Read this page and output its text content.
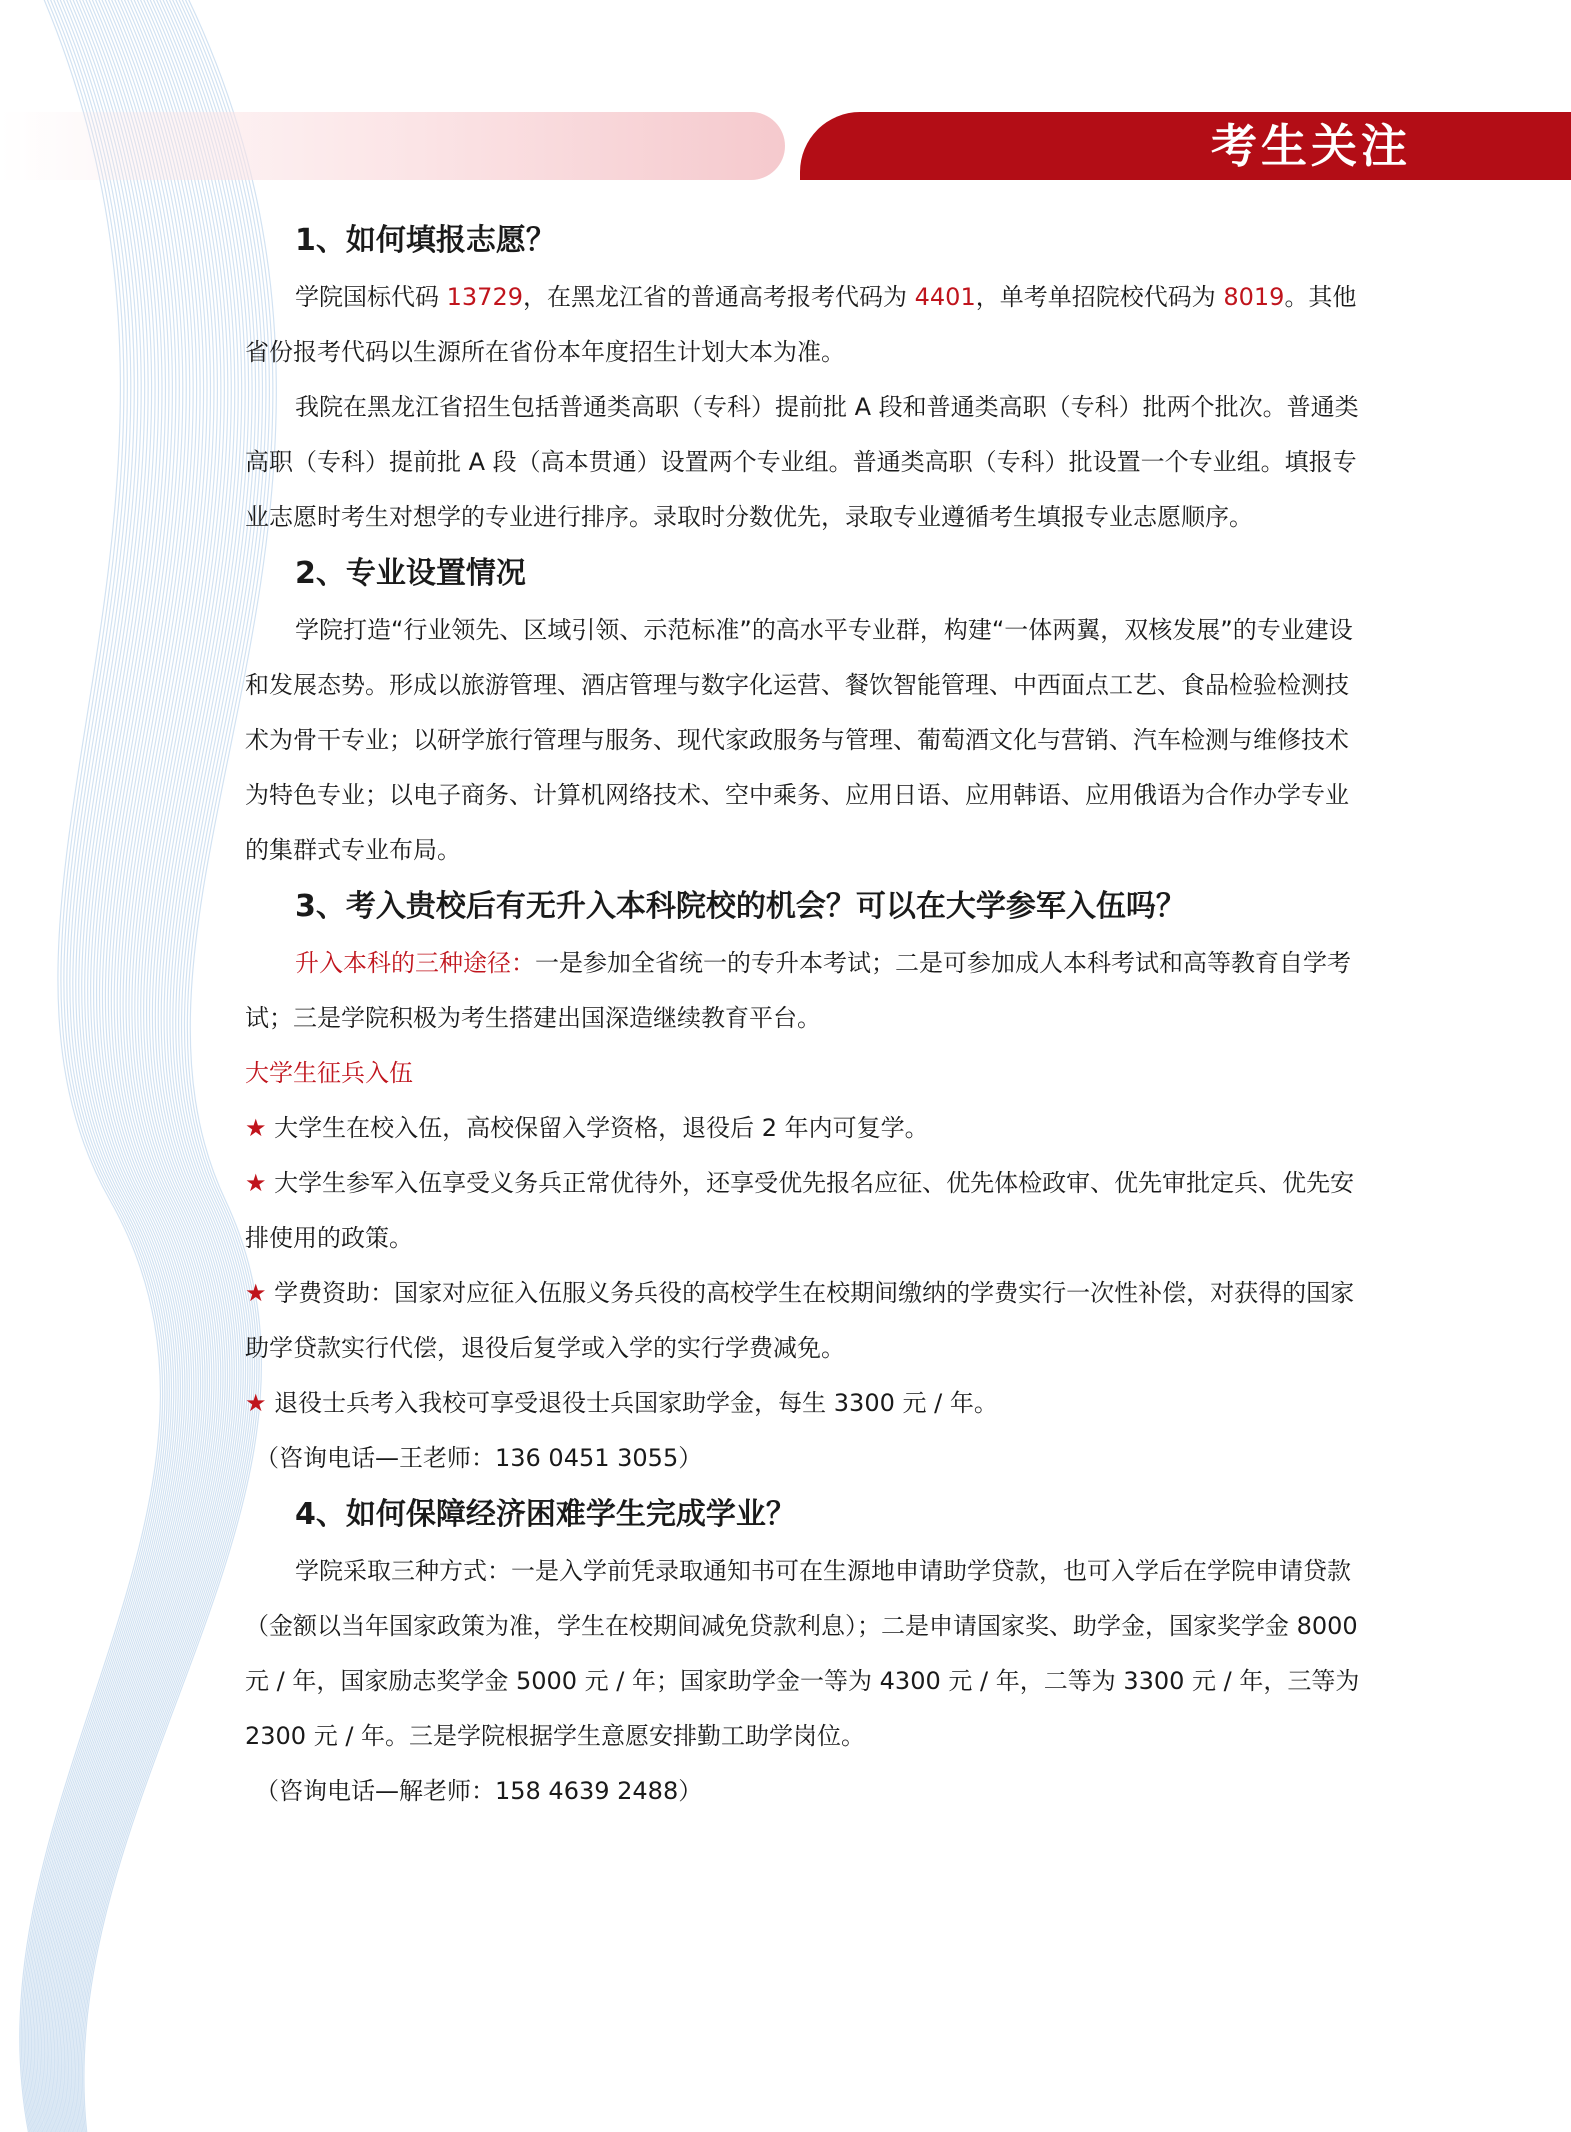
考生关注
1、如何填报志愿？

学院国标代码 13729，在黑龙江省的普通高考报考代码为 4401，单考单招院校代码为 8019。其他省份报考代码以生源所在省份本年度招生计划大本为准。

我院在黑龙江省招生包括普通类高职（专科）提前批 A 段和普通类高职（专科）批两个批次。普通类高职（专科）提前批 A 段（高本贯通）设置两个专业组。普通类高职（专科）批设置一个专业组。填报专业志愿时考生对想学的专业进行排序。录取时分数优先，录取专业遵循考生填报专业志愿顺序。

2、专业设置情况

学院打造“行业领先、区域引领、示范标准”的高水平专业群，构建“一体两翼，双核发展”的专业建设和发展态势。形成以旅游管理、酒店管理与数字化运营、餐饮智能管理、中西面点工艺、食品检验检测技术为骨干专业；以研学旅行管理与服务、现代家政服务与管理、葡萄酒文化与营销、汽车检测与维修技术为特色专业；以电子商务、计算机网络技术、空中乘务、应用日语、应用韩语、应用俄语为合作办学专业的集群式专业布局。

3、考入贵校后有无升入本科院校的机会？可以在大学参军入伍吗？

升入本科的三种途径：一是参加全省统一的专升本考试；二是可参加成人本科考试和高等教育自学考试；三是学院积极为考生搭建出国深造继续教育平台。

大学生征兵入伍

★ 大学生在校入伍，高校保留入学资格，退役后 2 年内可复学。

★ 大学生参军入伍享受义务兵正常优待外，还享受优先报名应征、优先体检政审、优先审批定兵、优先安排使用的政策。

★ 学费资助：国家对应征入伍服义务兵役的高校学生在校期间缴纳的学费实行一次性补偿，对获得的国家助学贷款实行代偿，退役后复学或入学的实行学费减免。

★ 退役士兵考入我校可享受退役士兵国家助学金，每生 3300 元 / 年。

（咨询电话—王老师：136 0451 3055）

4、如何保障经济困难学生完成学业？

学院采取三种方式：一是入学前凭录取通知书可在生源地申请助学贷款，也可入学后在学院申请贷款（金额以当年国家政策为准，学生在校期间减免贷款利息）；二是申请国家奖、助学金，国家奖学金 8000 元 / 年，国家励志奖学金 5000 元 / 年；国家助学金一等为 4300 元 / 年，二等为 3300 元 / 年，三等为 2300 元 / 年。三是学院根据学生意愿安排勤工助学岗位。

（咨询电话—解老师：158 4639 2488）
